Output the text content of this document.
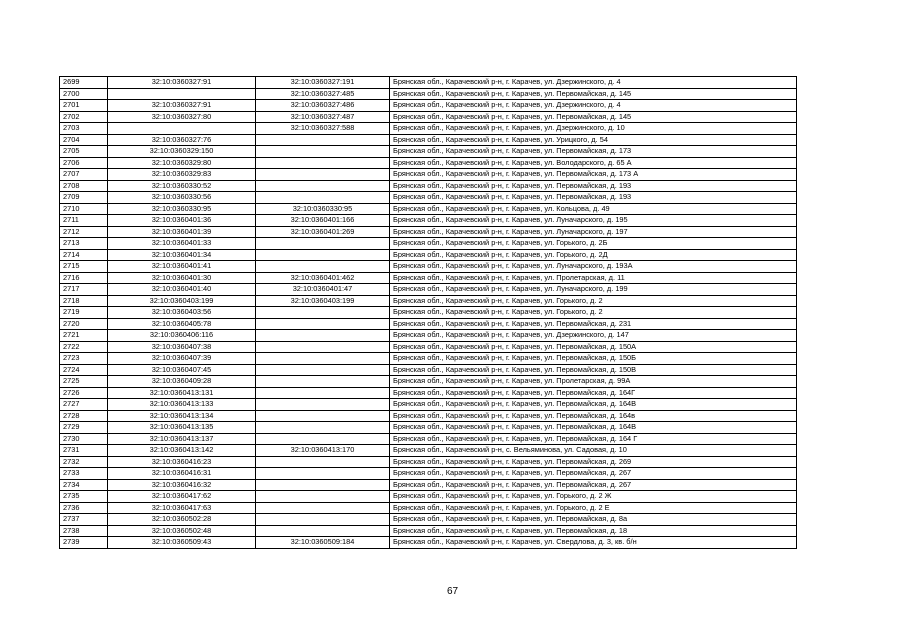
2699	32:10:0360327:91	32:10:0360327:191	Брянская обл., Карачевский р-н, г. Карачев, ул. Дзержинского, д. 4
2700		32:10:0360327:485	Брянская обл., Карачевский р-н, г. Карачев, ул. Первомайская, д. 145
2701	32:10:0360327:91	32:10:0360327:486	Брянская обл., Карачевский р-н, г. Карачев, ул. Дзержинского, д. 4
2702	32:10:0360327:80	32:10:0360327:487	Брянская обл., Карачевский р-н, г. Карачев, ул. Первомайская, д. 145
2703		32:10:0360327:588	Брянская обл., Карачевский р-н, г. Карачев, ул. Дзержинского, д. 10
2704	32:10:0360327:76		Брянская обл., Карачевский р-н, г. Карачев, ул. Урицкого, д. 54
2705	32:10:0360329:150		Брянская обл., Карачевский р-н, г. Карачев, ул. Первомайская, д. 173
2706	32:10:0360329:80		Брянская обл., Карачевский р-н, г. Карачев, ул. Володарского, д. 65 А
2707	32:10:0360329:83		Брянская обл., Карачевский р-н, г. Карачев, ул. Первомайская, д. 173 А
2708	32:10:0360330:52		Брянская обл., Карачевский р-н, г. Карачев, ул. Первомайская, д. 193
2709	32:10:0360330:56		Брянская обл., Карачевский р-н, г. Карачев, ул. Первомайская, д. 193
2710	32:10:0360330:95	32:10:0360330:95	Брянская обл., Карачевский р-н, г. Карачев, ул. Кольцова, д. 49
2711	32:10:0360401:36	32:10:0360401:166	Брянская обл., Карачевский р-н, г. Карачев, ул. Луначарского, д. 195
2712	32:10:0360401:39	32:10:0360401:269	Брянская обл., Карачевский р-н, г. Карачев, ул. Луначарского, д. 197
2713	32:10:0360401:33		Брянская обл., Карачевский р-н, г. Карачев, ул. Горького, д. 2Б
2714	32:10:0360401:34		Брянская обл., Карачевский р-н, г. Карачев, ул. Горького, д. 2Д
2715	32:10:0360401:41		Брянская обл., Карачевский р-н, г. Карачев, ул. Луначарского, д. 193А
2716	32:10:0360401:30	32:10:0360401:462	Брянская обл., Карачевский р-н, г. Карачев, ул. Пролетарская, д. 11
2717	32:10:0360401:40	32:10:0360401:47	Брянская обл., Карачевский р-н, г. Карачев, ул. Луначарского, д. 199
2718	32:10:0360403:199	32:10:0360403:199	Брянская обл., Карачевский р-н, г. Карачев, ул. Горького, д. 2
2719	32:10:0360403:56		Брянская обл., Карачевский р-н, г. Карачев, ул. Горького, д. 2
2720	32:10:0360405:78		Брянская обл., Карачевский р-н, г. Карачев, ул. Первомайская, д. 231
2721	32:10:0360406:116		Брянская обл., Карачевский р-н, г. Карачев, ул. Дзержинского, д. 147
2722	32:10:0360407:38		Брянская обл., Карачевский р-н, г. Карачев, ул. Первомайская, д. 150А
2723	32:10:0360407:39		Брянская обл., Карачевский р-н, г. Карачев, ул. Первомайская, д. 150Б
2724	32:10:0360407:45		Брянская обл., Карачевский р-н, г. Карачев, ул. Первомайская, д. 150В
2725	32:10:0360409:28		Брянская обл., Карачевский р-н, г. Карачев, ул. Пролетарская, д. 99А
2726	32:10:0360413:131		Брянская обл., Карачевский р-н, г. Карачев, ул. Первомайская, д. 164Г
2727	32:10:0360413:133		Брянская обл., Карачевский р-н, г. Карачев, ул. Первомайская, д. 164В
2728	32:10:0360413:134		Брянская обл., Карачевский р-н, г. Карачев, ул. Первомайская, д. 164в
2729	32:10:0360413:135		Брянская обл., Карачевский р-н, г. Карачев, ул. Первомайская, д. 164В
2730	32:10:0360413:137		Брянская обл., Карачевский р-н, г. Карачев, ул. Первомайская, д. 164 Г
2731	32:10:0360413:142	32:10:0360413:170	Брянская обл., Карачевский р-н, с. Вельяминова, ул. Садовая, д. 10
2732	32:10:0360416:23		Брянская обл., Карачевский р-н, г. Карачев, ул. Первомайская, д. 269
2733	32:10:0360416:31		Брянская обл., Карачевский р-н, г. Карачев, ул. Первомайская, д. 267
2734	32:10:0360416:32		Брянская обл., Карачевский р-н, г. Карачев, ул. Первомайская, д. 267
2735	32:10:0360417:62		Брянская обл., Карачевский р-н, г. Карачев, ул. Горького, д. 2 Ж
2736	32:10:0360417:63		Брянская обл., Карачевский р-н, г. Карачев, ул. Горького, д. 2 Е
2737	32:10:0360502:28		Брянская обл., Карачевский р-н, г. Карачев, ул. Первомайская, д. 8а
2738	32:10:0360502:48		Брянская обл., Карачевский р-н, г. Карачев, ул. Первомайская, д. 18
2739	32:10:0360509:43	32:10:0360509:184	Брянская обл., Карачевский р-н, г. Карачев, ул. Свердлова, д. 3, кв. б/н
67
